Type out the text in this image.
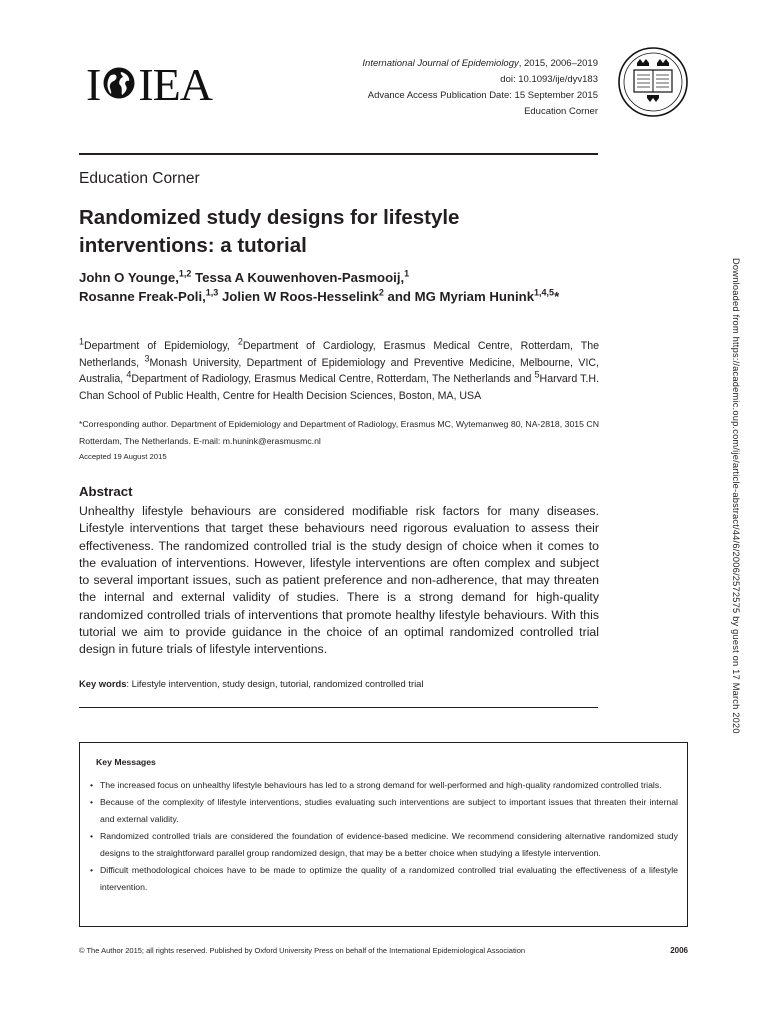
I IEA	International Journal of Epidemiology, 2015, 2006–2019
doi: 10.1093/ije/dyv183
Advance Access Publication Date: 15 September 2015
Education Corner
Education Corner
Randomized study designs for lifestyle interventions: a tutorial
John O Younge,$^{1,2}$ Tessa A Kouwenhoven-Pasmooij,$^1$
Rosanne Freak-Poli,$^{1,3}$ Jolien W Roos-Hesselink$^2$ and MG Myriam Hunink$^{1,4,5}$*
$^1$Department of Epidemiology, $^2$Department of Cardiology, Erasmus Medical Centre, Rotterdam, The Netherlands, $^3$Monash University, Department of Epidemiology and Preventive Medicine, Melbourne, VIC, Australia, $^4$Department of Radiology, Erasmus Medical Centre, Rotterdam, The Netherlands and $^5$Harvard T.H. Chan School of Public Health, Centre for Health Decision Sciences, Boston, MA, USA
*Corresponding author. Department of Epidemiology and Department of Radiology, Erasmus MC, Wytemanweg 80, NA-2818, 3015 CN Rotterdam, The Netherlands. E-mail: m.hunink@erasmusmc.nl
Accepted 19 August 2015
Abstract

Unhealthy lifestyle behaviours are considered modifiable risk factors for many diseases. Lifestyle interventions that target these behaviours need rigorous evaluation to assess their effectiveness. The randomized controlled trial is the study design of choice when it comes to the evaluation of interventions. However, lifestyle interventions are often complex and subject to several important issues, such as patient preference and non-adherence, that may threaten the internal and external validity of studies. There is a strong demand for high-quality randomized controlled trials of interventions that promote healthy lifestyle behaviours. With this tutorial we aim to provide guidance in the choice of an optimal randomized controlled trial design in future trials of lifestyle interventions.

Key words: Lifestyle intervention, study design, tutorial, randomized controlled trial
Key Messages
• The increased focus on unhealthy lifestyle behaviours has led to a strong demand for well-performed and high-quality randomized controlled trials.
• Because of the complexity of lifestyle interventions, studies evaluating such interventions are subject to important issues that threaten their internal and external validity.
• Randomized controlled trials are considered the foundation of evidence-based medicine. We recommend considering alternative randomized study designs to the straightforward parallel group randomized design, that may be a better choice when studying a lifestyle intervention.
• Difficult methodological choices have to be made to optimize the quality of a randomized controlled trial evaluating the effectiveness of a lifestyle intervention.
© The Author 2015; all rights reserved. Published by Oxford University Press on behalf of the International Epidemiological Association	2006
Downloaded from https://academic.oup.com/ije/article-abstract/44/6/2006/2572575 by guest on 17 March 2020
